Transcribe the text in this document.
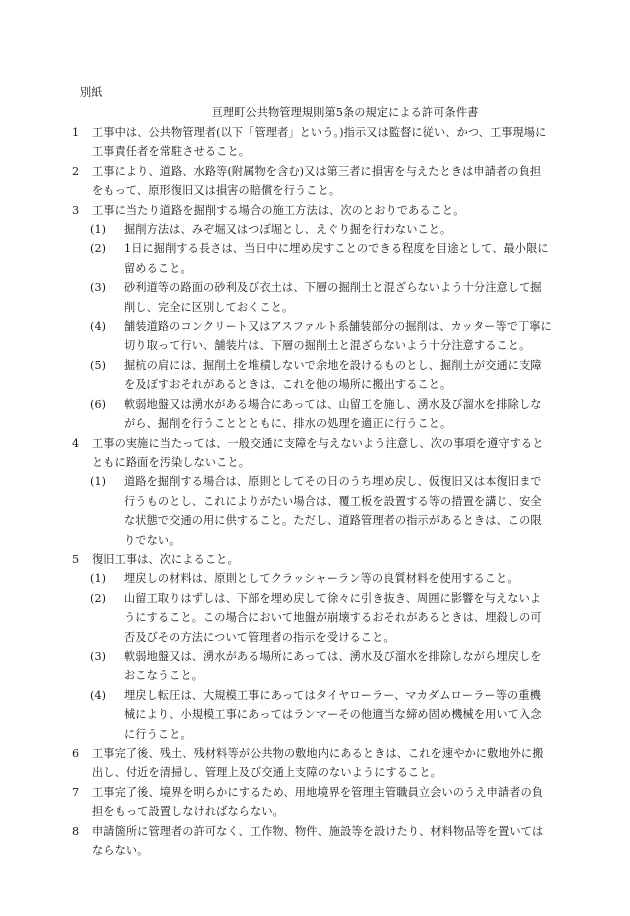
別紙
亘理町公共物管理規則第5条の規定による許可条件書

1 工事中は、公共物管理者(以下「管理者」という。)指示又は監督に従い、かつ、工事現場に工事責任者を常駐させること。

2 工事により、道路、水路等(附属物を含む)又は第三者に損害を与えたときは申請者の負担をもって、原形復旧又は損害の賠償を行うこと。

3 工事に当たり道路を掘削する場合の施工方法は、次のとおりであること。

(1) 掘削方法は、みぞ堀又はつぼ堀とし、えぐり掘を行わないこと。

(2) 1日に掘削する長さは、当日中に埋め戻すことのできる程度を目途として、最小限に留めること。

(3) 砂利道等の路面の砂利及び衣土は、下層の掘削土と混ざらないよう十分注意して掘削し、完全に区別しておくこと。

(4) 舗装道路のコンクリート又はアスファルト系舗装部分の掘削は、カッター等で丁寧に切り取って行い、舗装片は、下層の掘削土と混ざらないよう十分注意すること。

(5) 掘杭の肩には、掘削土を堆積しないで余地を設けるものとし、掘削土が交通に支障を及ぼすおそれがあるときは、これを他の場所に搬出すること。

(6) 軟弱地盤又は湧水がある場合にあっては、山留工を施し、湧水及び溜水を排除しながら、掘削を行うこととともに、排水の処理を適正に行うこと。

4 工事の実施に当たっては、一般交通に支障を与えないよう注意し、次の事項を遵守するとともに路面を汚染しないこと。

(1) 道路を掘削する場合は、原則としてその日のうち埋め戻し、仮復旧又は本復旧まで行うものとし、これによりがたい場合は、覆工板を設置する等の措置を講じ、安全な状態で交通の用に供すること。ただし、道路管理者の指示があるときは、この限りでない。

5 復旧工事は、次によること。

(1) 埋戻しの材料は、原則としてクラッシャーラン等の良質材料を使用すること。

(2) 山留工取りはずしは、下部を埋め戻して徐々に引き抜き、周囲に影響を与えないようにすること。この場合において地盤が崩壊するおそれがあるときは、埋殺しの可否及びその方法について管理者の指示を受けること。

(3) 軟弱地盤又は、湧水がある場所にあっては、湧水及び溜水を排除しながら埋戻しをおこなうこと。

(4) 埋戻し転圧は、大規模工事にあってはタイヤローラー、マカダムローラー等の重機械により、小規模工事にあってはランマーその他適当な締め固め機械を用いて入念に行うこと。

6 工事完了後、残土、残材料等が公共物の敷地内にあるときは、これを速やかに敷地外に搬出し、付近を清掃し、管理上及び交通上支障のないようにすること。

7 工事完了後、境界を明らかにするため、用地境界を管理主管職員立会いのうえ申請者の負担をもって設置しなければならない。

8 申請箇所に管理者の許可なく、工作物、物件、施設等を設けたり、材料物品等を置いてはならない。
